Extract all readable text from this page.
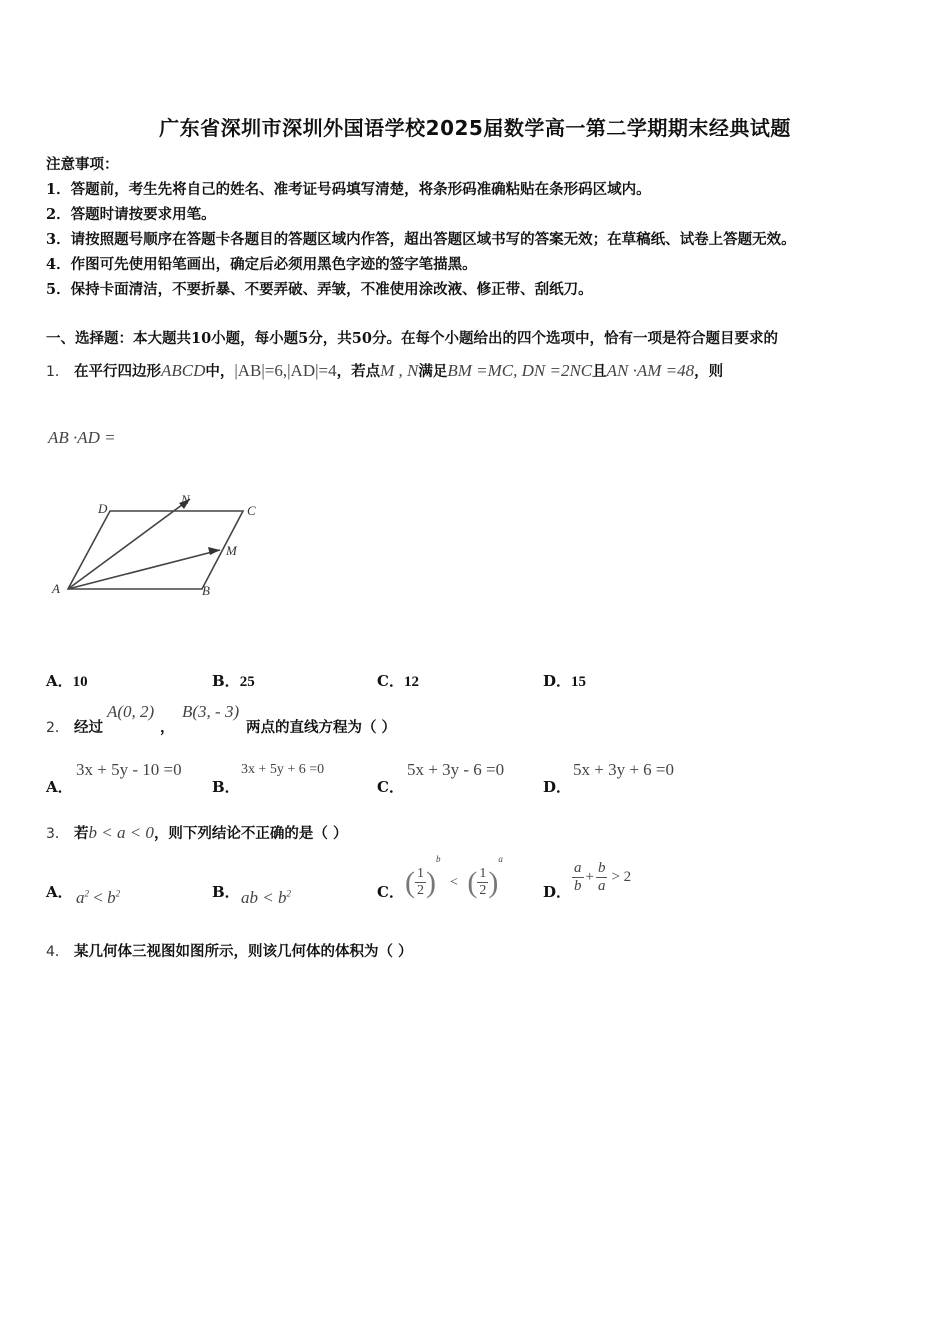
广东省深圳市深圳外国语学校2025届数学高一第二学期期末经典试题
注意事项：
1．答题前，考生先将自己的姓名、准考证号码填写清楚，将条形码准确粘贴在条形码区域内。
2．答题时请按要求用笔。
3．请按照题号顺序在答题卡各题目的答题区域内作答，超出答题区域书写的答案无效；在草稿纸、试卷上答题无效。
4．作图可先使用铅笔画出，确定后必须用黑色字迹的签字笔描黑。
5．保持卡面清洁，不要折暴、不要弄破、弄皱，不准使用涂改液、修正带、刮纸刀。
一、选择题：本大题共10小题，每小题5分，共50分。在每个小题给出的四个选项中，恰有一项是符合题目要求的
1． 在平行四边形ABCD中，|AB|=6,|AD|=4，若点M , N满足BM =MC, DN =2NC且AN ·AM =48，则
AB ·AD =
A	B
C
D
M
N
A．10	B．25	C．12	D．15
2． 经过
A(0, 2)
，
B(3, - 3)
两点的直线方程为（ ）
A．
3x + 5y - 10 =0
B．
3x + 5y + 6 =0
C．
5x + 3y - 6 =0
D．
5x + 3y + 6 =0
3． 若b < a < 0，则下列结论不正确的是（ ）
A． $a^2 < b^2$	B． ab < $b^2$	C． ( $\frac{1}{2} )^b$ < ( $\frac{1}{2} )^a$
D． $\frac{a}{b} + \frac{b}{a} > 2$
4． 某几何体三视图如图所示，则该几何体的体积为（ ）
